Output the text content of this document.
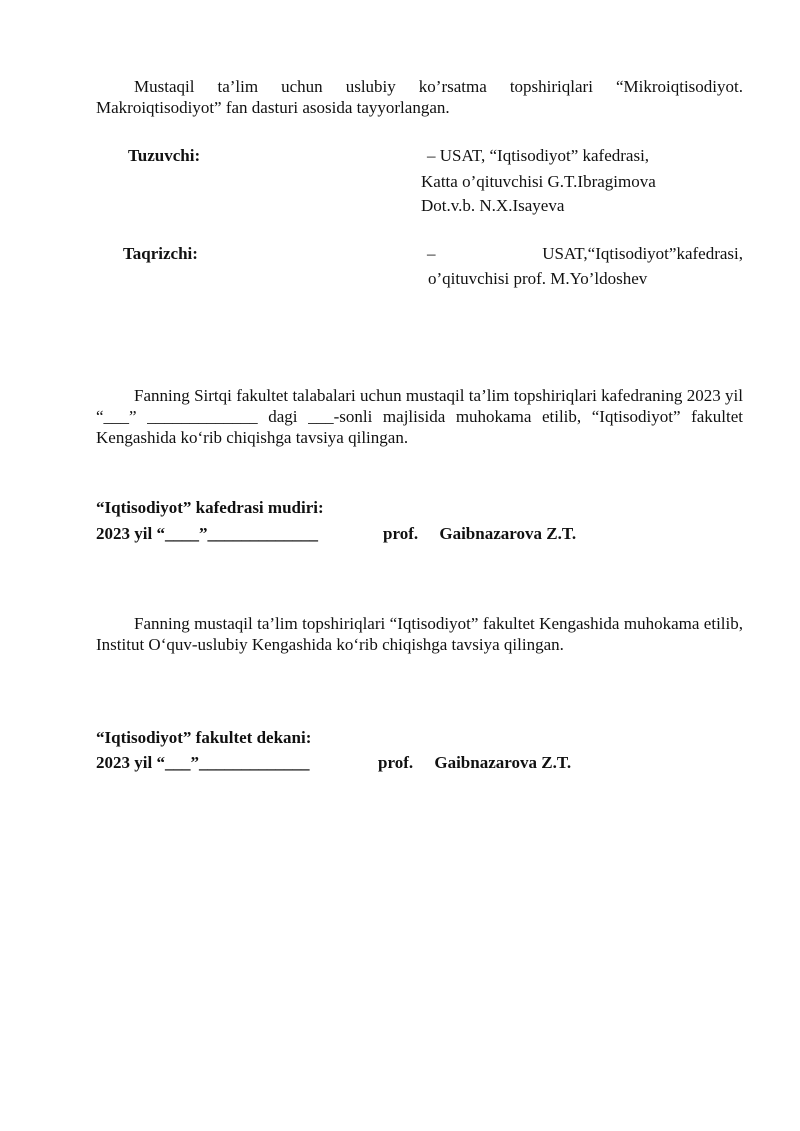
Mustaqil ta’lim uchun uslubiy ko’rsatma topshiriqlari “Mikroiqtisodiyot. Makroiqtisodiyot” fan dasturi asosida tayyorlangan.

Tuzuvchi:	– USAT, “Iqtisodiyot” kafedrasi,
Katta o’qituvchisi G.T.Ibragimova
Dot.v.b. N.X.Isayeva
Taqrizchi:	–	USAT,“Iqtisodiyot”kafedrasi,
o’qituvchisi prof. M.Yo’ldoshev

Fanning Sirtqi fakultet talabalari uchun mustaqil ta’lim topshiriqlari kafedraning 2023 yil “___” _____________ dagi ___-sonli majlisida muhokama etilib, “Iqtisodiyot” fakultet Kengashida ko‘rib chiqishga tavsiya qilingan.

“Iqtisodiyot” kafedrasi mudiri:
2023 yil “____”_____________	prof.     Gaibnazarova Z.T.

Fanning mustaqil ta’lim topshiriqlari “Iqtisodiyot” fakultet Kengashida muhokama etilib, Institut O‘quv-uslubiy Kengashida ko‘rib chiqishga tavsiya qilingan.

“Iqtisodiyot” fakultet dekani:
2023 yil “___”_____________	prof.     Gaibnazarova Z.T.
